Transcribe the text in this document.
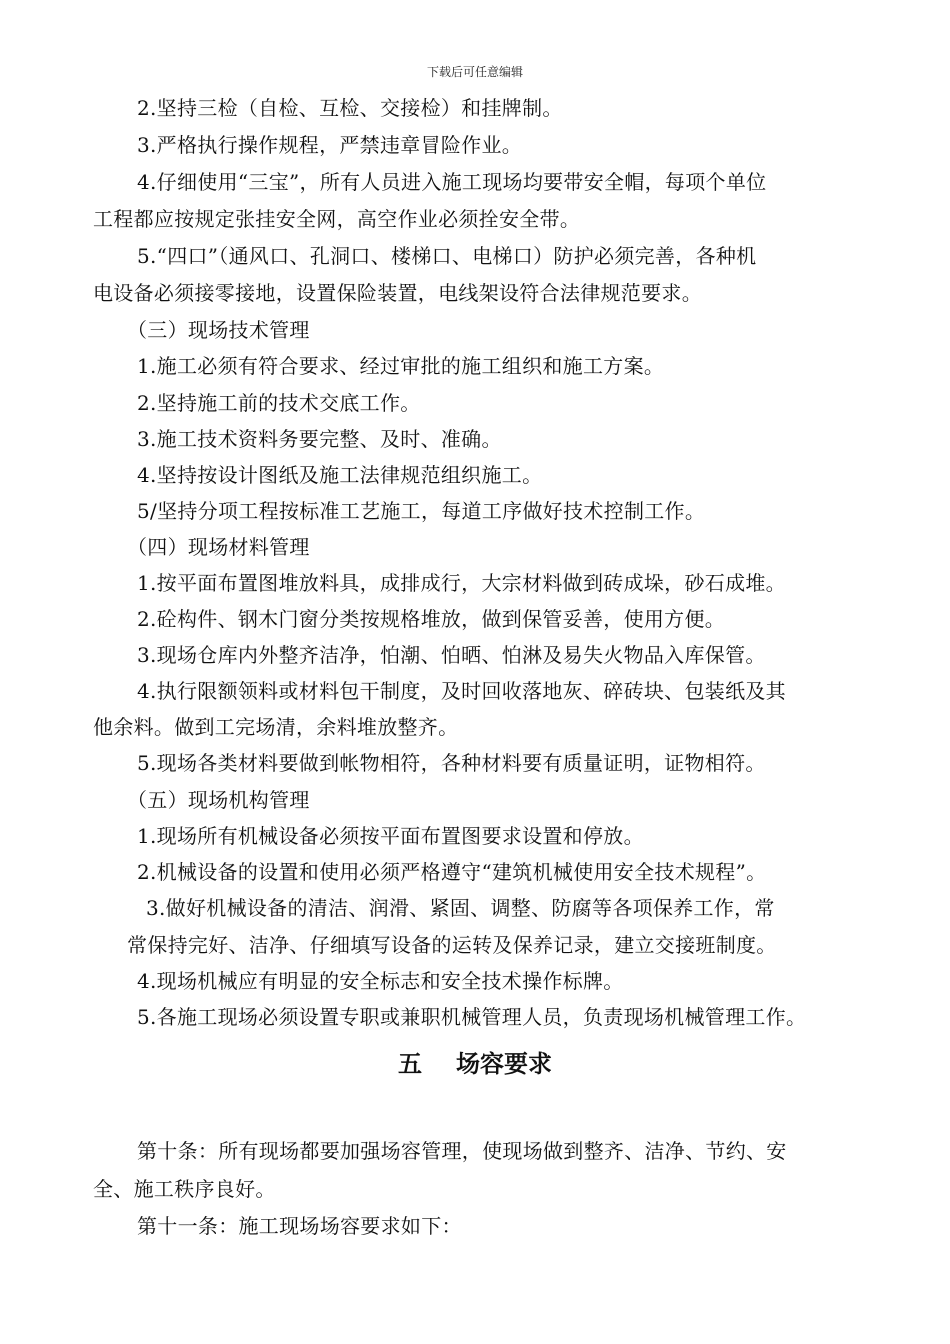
下载后可任意编辑
2.坚持三检（自检、互检、交接检）和挂牌制。
3.严格执行操作规程，严禁违章冒险作业。
4.仔细使用“三宝”，所有人员进入施工现场均要带安全帽，每项个单位
工程都应按规定张挂安全网，高空作业必须拴安全带。
5.“四口”（通风口、孔洞口、楼梯口、电梯口）防护必须完善，各种机
电设备必须接零接地，设置保险装置，电线架设符合法律规范要求。
（三）现场技术管理
1.施工必须有符合要求、经过审批的施工组织和施工方案。
2.坚持施工前的技术交底工作。
3.施工技术资料务要完整、及时、准确。
4.坚持按设计图纸及施工法律规范组织施工。
5/坚持分项工程按标准工艺施工，每道工序做好技术控制工作。
（四）现场材料管理
1.按平面布置图堆放料具，成排成行，大宗材料做到砖成垛，砂石成堆。
2.砼构件、钢木门窗分类按规格堆放，做到保管妥善，使用方便。
3.现场仓库内外整齐洁净，怕潮、怕晒、怕淋及易失火物品入库保管。
4.执行限额领料或材料包干制度，及时回收落地灰、碎砖块、包装纸及其
他余料。做到工完场清，余料堆放整齐。
5.现场各类材料要做到帐物相符，各种材料要有质量证明，证物相符。
（五）现场机构管理
1.现场所有机械设备必须按平面布置图要求设置和停放。
2.机械设备的设置和使用必须严格遵守“建筑机械使用安全技术规程”。
3.做好机械设备的清洁、润滑、紧固、调整、防腐等各项保养工作，常
常保持完好、洁净、仔细填写设备的运转及保养记录，建立交接班制度。
4.现场机械应有明显的安全标志和安全技术操作标牌。
5.各施工现场必须设置专职或兼职机械管理人员，负责现场机械管理工作。
五 场容要求
第十条：所有现场都要加强场容管理，使现场做到整齐、洁净、节约、安
全、施工秩序良好。
第十一条：施工现场场容要求如下：
